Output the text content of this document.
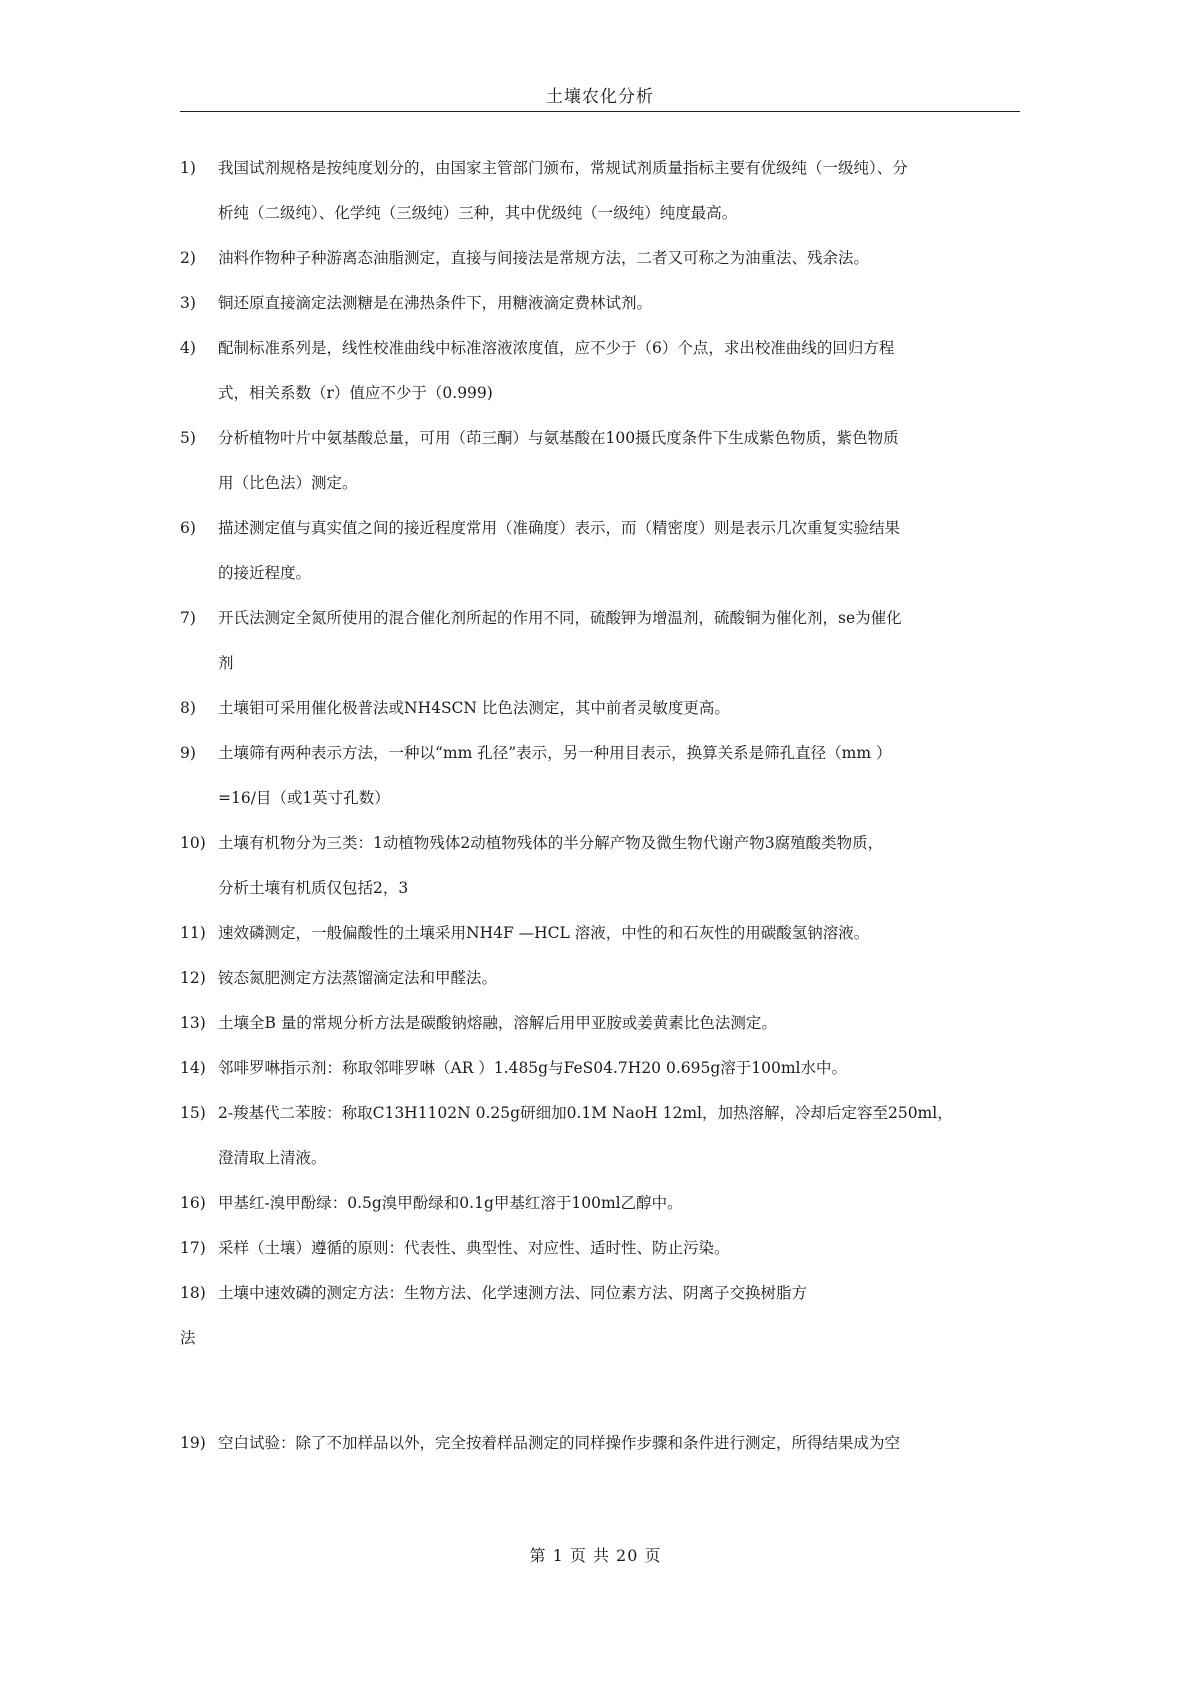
土壤农化分析
1) 我国试剂规格是按纯度划分的，由国家主管部门颁布，常规试剂质量指标主要有优级纯（一级纯）、分
析纯（二级纯）、化学纯（三级纯）三种，其中优级纯（一级纯）纯度最高。
2) 油料作物种子种游离态油脂测定，直接与间接法是常规方法，二者又可称之为油重法、残余法。
3) 铜还原直接滴定法测糖是在沸热条件下，用糖液滴定费林试剂。
4) 配制标准系列是，线性校准曲线中标准溶液浓度值，应不少于（6）个点，求出校准曲线的回归方程
式，相关系数（r）值应不少于（0.999)
5) 分析植物叶片中氨基酸总量，可用（茚三酮）与氨基酸在100摄氏度条件下生成紫色物质，紫色物质
用（比色法）测定。
6) 描述测定值与真实值之间的接近程度常用（准确度）表示，而（精密度）则是表示几次重复实验结果
的接近程度。
7) 开氏法测定全氮所使用的混合催化剂所起的作用不同，硫酸钾为增温剂，硫酸铜为催化剂，se为催化
剂
8) 土壤钼可采用催化极普法或NH4SCN 比色法测定，其中前者灵敏度更高。
9) 土壤筛有两种表示方法，一种以“mm 孔径”表示，另一种用目表示，换算关系是筛孔直径（mm ）
=16/目（或1英寸孔数）
10) 土壤有机物分为三类：1动植物残体2动植物残体的半分解产物及微生物代谢产物3腐殖酸类物质，
分析土壤有机质仅包括2，3
11) 速效磷测定，一般偏酸性的土壤采用NH4F —HCL 溶液，中性的和石灰性的用碳酸氢钠溶液。
12) 铵态氮肥测定方法蒸馏滴定法和甲醛法。
13) 土壤全B 量的常规分析方法是碳酸钠熔融，溶解后用甲亚胺或姜黄素比色法测定。
14) 邻啡罗啉指示剂：称取邻啡罗啉（AR ）1.485g与FeS04.7H20 0.695g溶于100ml水中。
15) 2-羧基代二苯胺：称取C13H1102N 0.25g研细加0.1M NaoH 12ml，加热溶解，冷却后定容至250ml，
澄清取上清液。
16) 甲基红-溴甲酚绿：0.5g溴甲酚绿和0.1g甲基红溶于100ml乙醇中。
17) 采样（土壤）遵循的原则：代表性、典型性、对应性、适时性、防止污染。
18) 土壤中速效磷的测定方法：生物方法、化学速测方法、同位素方法、阴离子交换树脂方
法
19) 空白试验：除了不加样品以外，完全按着样品测定的同样操作步骤和条件进行测定，所得结果成为空
第 1 页 共 20 页
